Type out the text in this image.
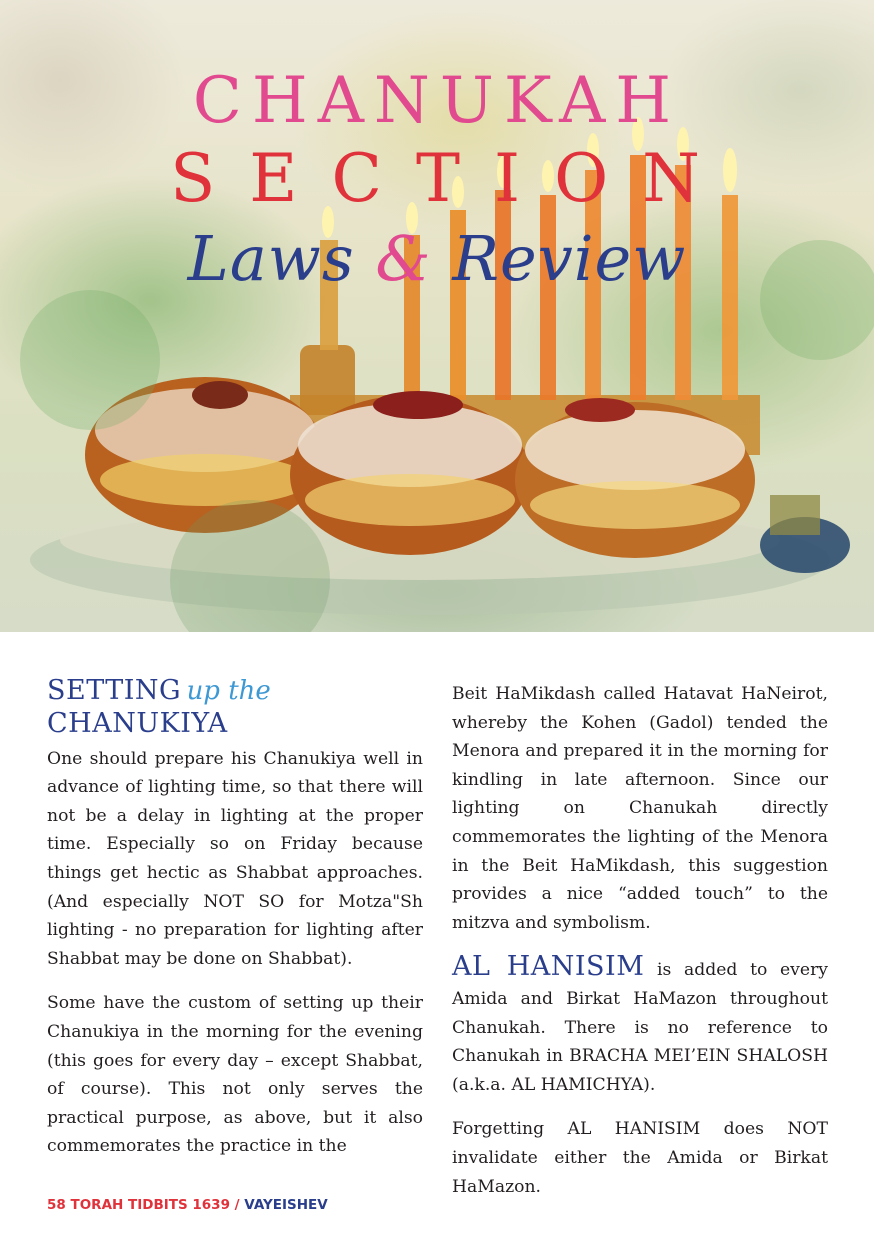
CHANUKAH
SECTION
Laws & Review
SETTING up the
CHANUKIYA

One should prepare his Chanukiya well in advance of lighting time, so that there will not be a delay in lighting at the proper time. Especially so on Friday because things get hectic as Shabbat approaches. (And especially NOT SO for Motza"Sh lighting - no preparation for lighting after Shabbat may be done on Shabbat).

Some have the custom of setting up their Chanukiya in the morning for the evening (this goes for every day – except Shabbat, of course). This not only serves the practical purpose, as above, but it also commemorates the practice in the

Beit HaMikdash called Hatavat HaNeirot, whereby the Kohen (Gadol) tended the Menora and prepared it in the morning for kindling in late afternoon. Since our lighting on Chanukah directly commemorates the lighting of the Menora in the Beit HaMikdash, this suggestion provides a nice “added touch” to the mitzva and symbolism.

AL HANISIM is added to every Amida and Birkat HaMazon throughout Chanukah. There is no reference to Chanukah in BRACHA MEI’EIN SHALOSH (a.k.a. AL HAMICHYA).

Forgetting AL HANISIM does NOT invalidate either the Amida or Birkat HaMazon.

58 TORAH TIDBITS 1639 / VAYEISHEV
